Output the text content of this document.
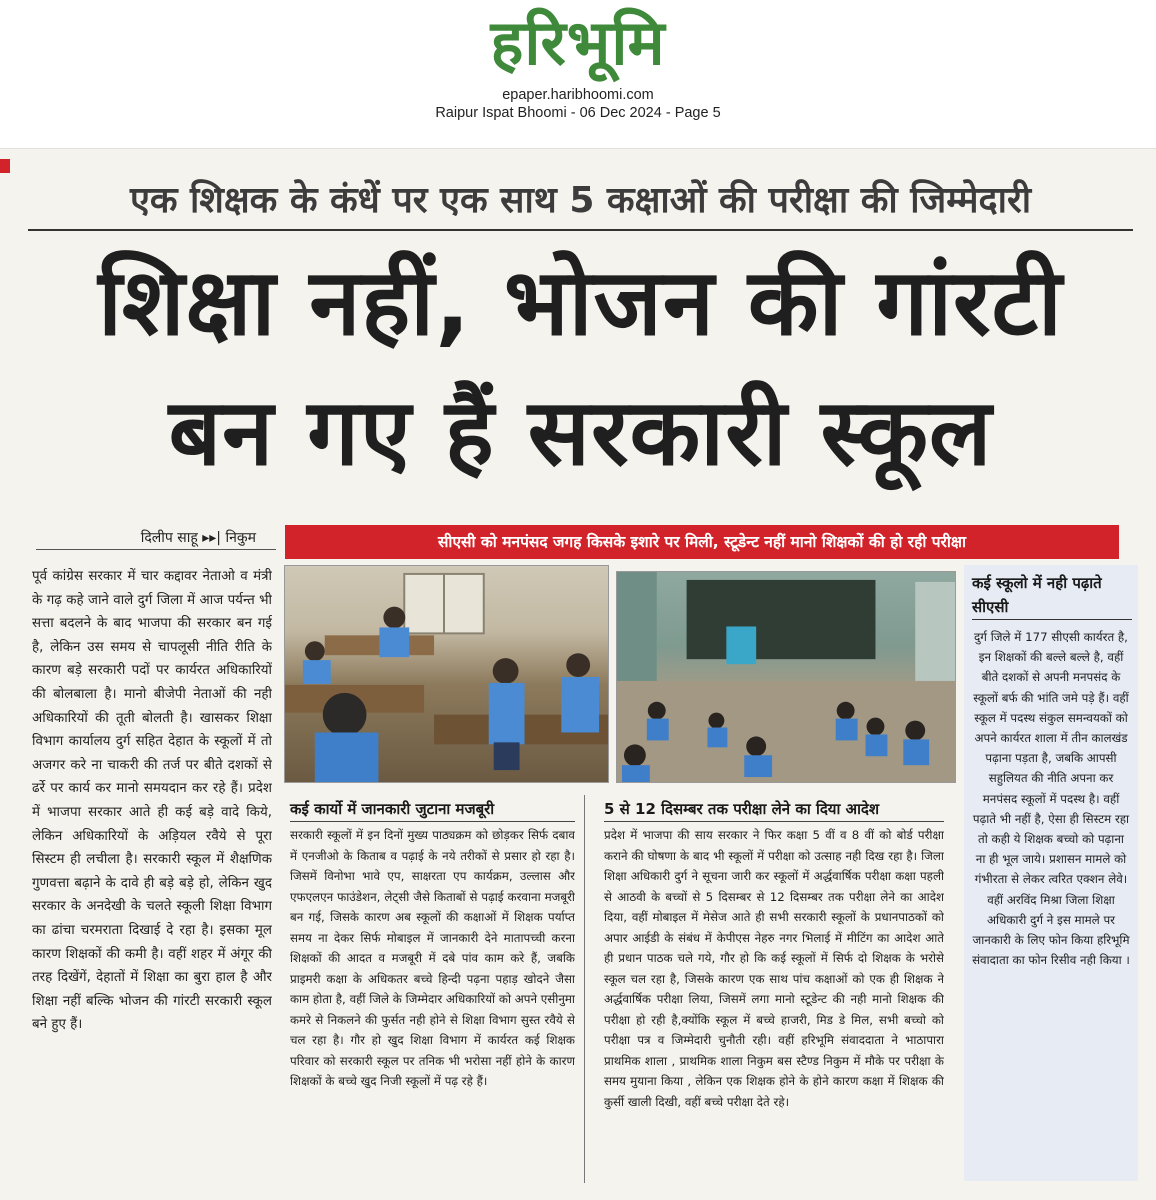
हरिभूमि
epaper.haribhoomi.com
Raipur Ispat Bhoomi - 06 Dec 2024 - Page 5
एक शिक्षक के कंधें पर एक साथ 5 कक्षाओं की परीक्षा की जिम्मेदारी
शिक्षा नहीं, भोजन की गांरटी
बन गए हैं सरकारी स्कूल
दिलीप साहू ▸▸| निकुम
पूर्व कांग्रेस सरकार में चार कद्दावर नेताओ व मंत्री के गढ़ कहे जाने वाले दुर्ग जिला में आज पर्यन्त भी सत्ता बदलने के बाद भाजपा की सरकार बन गई है, लेकिन उस समय से चापलूसी नीति रीति के कारण बड़े सरकारी पदों पर कार्यरत अधिकारियों की बोलबाला है। मानो बीजेपी नेताओं की नही अधिकारियों की तूती बोलती है। खासकर शिक्षा विभाग कार्यालय दुर्ग सहित देहात के स्कूलों में तो अजगर करे ना चाकरी की तर्ज पर बीते दशकों से ढर्रे पर कार्य कर मानो समयदान कर रहे हैं। प्रदेश में भाजपा सरकार आते ही कई बड़े वादे किये, लेकिन अधिकारियों के अड़ियल रवैये से पूरा सिस्टम ही लचीला है। सरकारी स्कूल में शैक्षणिक गुणवत्ता बढ़ाने के दावे ही बड़े बड़े हो, लेकिन खुद सरकार के अनदेखी के चलते स्कूली शिक्षा विभाग का ढांचा चरमराता दिखाई दे रहा है। इसका मूल कारण शिक्षकों की कमी है। वहीं शहर में अंगूर की तरह दिखेंगें, देहातों में शिक्षा का बुरा हाल है और शिक्षा नहीं बल्कि भोजन की गांरटी सरकारी स्कूल बने हुए हैं।
सीएसी को मनपंसद जगह किसके इशारे पर मिली, स्टूडेन्ट नहीं मानो शिक्षकों की हो रही परीक्षा
कई कार्यो में जानकारी जुटाना मजबूरी
सरकारी स्कूलों में इन दिनों मुख्य पाठ्यक्रम को छोड़कर सिर्फ दबाव में एनजीओ के किताब व पढ़ाई के नये तरीकों से प्रसार हो रहा है। जिसमें विनोभा भावे एप, साक्षरता एप कार्यक्रम, उल्लास और एफएलएन फाउंडेशन, लेट्सी जैसे किताबों से पढ़ाई करवाना मजबूरी बन गई, जिसके कारण अब स्कूलों की कक्षाओं में शिक्षक पर्याप्त समय ना देकर सिर्फ मोबाइल में जानकारी देने मातापच्ची करना शिक्षकों की आदत व मजबूरी में दबे पांव काम करे हैं, जबकि प्राइमरी कक्षा के अधिकतर बच्चे हिन्दी पढ़ना पहाड़ खोदने जैसा काम होता है, वहीं जिले के जिम्मेदार अधिकारियों को अपने एसीनुमा कमरे से निकलने की फुर्सत नही होने से शिक्षा विभाग सुस्त रवैये से चल रहा है। गौर हो खुद शिक्षा विभाग में कार्यरत कई शिक्षक परिवार को सरकारी स्कूल पर तनिक भी भरोसा नहीं होने के कारण शिक्षकों के बच्चे खुद निजी स्कूलों में पढ़ रहे हैं।
5 से 12 दिसम्बर तक परीक्षा लेने का दिया आदेश
प्रदेश में भाजपा की साय सरकार ने फिर कक्षा 5 वीं व 8 वीं को बोर्ड परीक्षा कराने की घोषणा के बाद भी स्कूलों में परीक्षा को उत्साह नही दिख रहा है। जिला शिक्षा अधिकारी दुर्ग ने सूचना जारी कर स्कूलों में अर्द्धवार्षिक परीक्षा कक्षा पहली से आठवी के बच्चों से 5 दिसम्बर से 12 दिसम्बर तक परीक्षा लेने का आदेश दिया, वहीं मोबाइल में मेसेज आते ही सभी सरकारी स्कूलों के प्रधानपाठकों को अपार आईडी के संबंध में केपीएस नेहरु नगर भिलाई में मीटिंग का आदेश आते ही प्रधान पाठक चले गये, गौर हो कि कई स्कूलों में सिर्फ दो शिक्षक के भरोसे स्कूल चल रहा है, जिसके कारण एक साथ पांच कक्षाओं को एक ही शिक्षक ने अर्द्धवार्षिक परीक्षा लिया, जिसमें लगा मानो स्टूडेन्ट की नही मानो शिक्षक की परीक्षा हो रही है,क्योंकि स्कूल में बच्चे हाजरी, मिड डे मिल, सभी बच्चो को परीक्षा पत्र व जिम्मेदारी चुनौती रही। वहीं हरिभूमि संवाददाता ने भाठापारा प्राथमिक शाला , प्राथमिक शाला निकुम बस स्टैण्ड निकुम में मौके पर परीक्षा के समय मुयाना किया , लेकिन एक शिक्षक होने के होने कारण कक्षा में शिक्षक की कुर्सी खाली दिखी, वहीं बच्चे परीक्षा देते रहे।
कई स्कूलो में नही पढ़ाते सीएसी
दुर्ग जिले में 177 सीएसी कार्यरत है, इन शिक्षकों की बल्ले बल्ले है, वहीं बीते दशकों से अपनी मनपसंद के स्कूलों बर्फ की भांति जमे पड़े हैं। वहीं स्कूल में पदस्थ संकुल समन्वयकों को अपने कार्यरत शाला में तीन कालखंड पढ़ाना पड़ता है, जबकि आपसी सहुलियत की नीति अपना कर मनपंसद स्कूलों में पदस्थ है। वहीं पढ़ाते भी नहीं है, ऐसा ही सिस्टम रहा तो कही ये शिक्षक बच्चो को पढ़ाना ना ही भूल जाये। प्रशासन मामले को गंभीरता से लेकर त्वरित एक्शन लेवे। वहीं अरविंद मिश्रा जिला शिक्षा अधिकारी दुर्ग ने इस मामले पर जानकारी के लिए फोन किया हरिभूमि संवादाता का फोन रिसीव नही किया ।
